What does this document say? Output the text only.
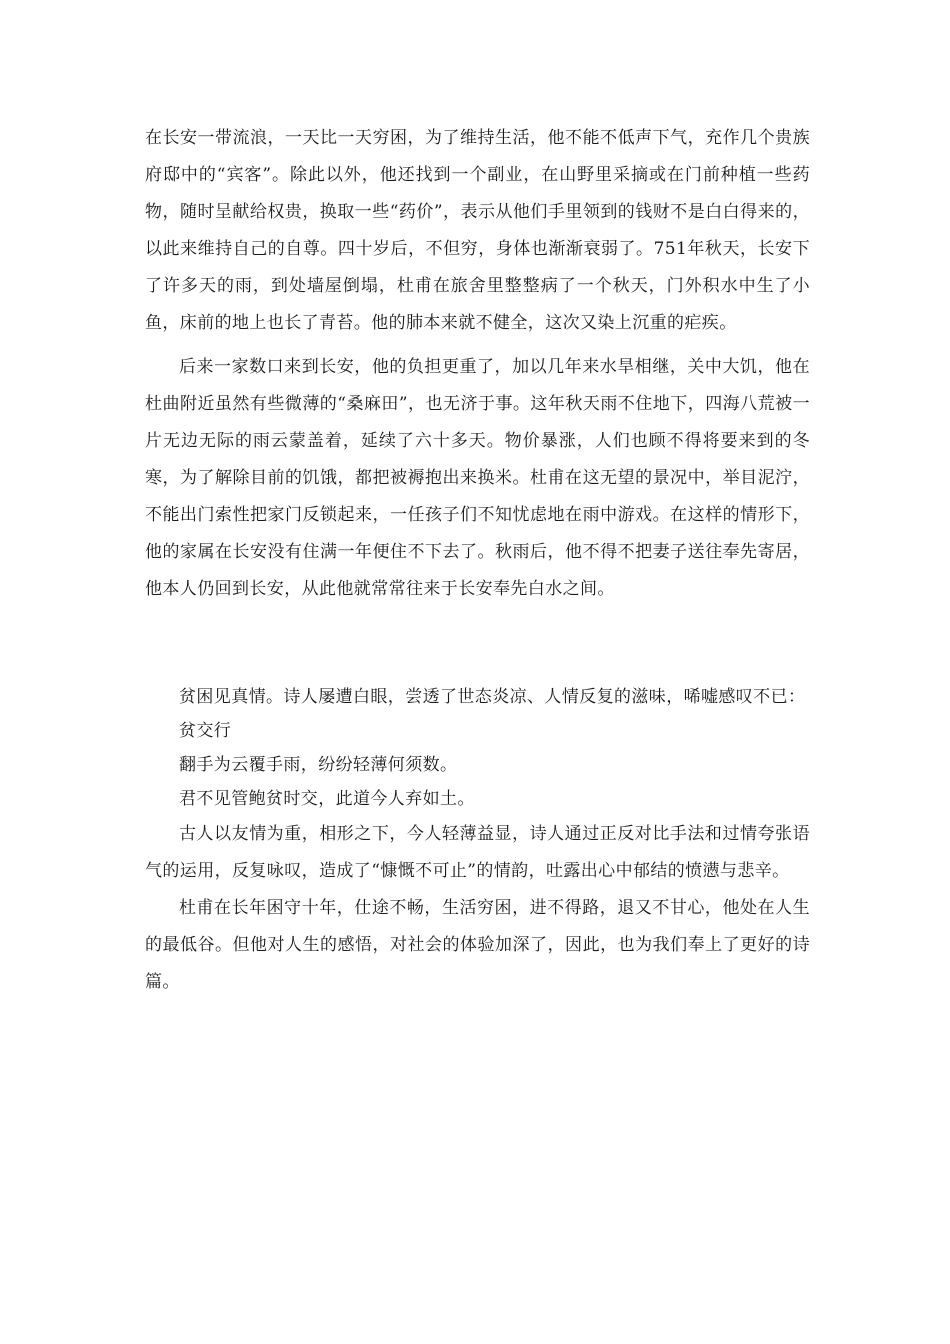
在长安一带流浪，一天比一天穷困，为了维持生活，他不能不低声下气，充作几个贵族府邸中的“宾客”。除此以外，他还找到一个副业，在山野里采摘或在门前种植一些药物，随时呈献给权贵，换取一些“药价”，表示从他们手里领到的钱财不是白白得来的，以此来维持自己的自尊。四十岁后，不但穷，身体也渐渐衰弱了。751年秋天，长安下了许多天的雨，到处墙屋倒塌，杜甫在旅舍里整整病了一个秋天，门外积水中生了小鱼，床前的地上也长了青苔。他的肺本来就不健全，这次又染上沉重的疟疾。

后来一家数口来到长安，他的负担更重了，加以几年来水旱相继，关中大饥，他在杜曲附近虽然有些微薄的“桑麻田”，也无济于事。这年秋天雨不住地下，四海八荒被一片无边无际的雨云蒙盖着，延续了六十多天。物价暴涨，人们也顾不得将要来到的冬寒，为了解除目前的饥饿，都把被褥抱出来换米。杜甫在这无望的景况中，举目泥泞，不能出门索性把家门反锁起来，一任孩子们不知忧虑地在雨中游戏。在这样的情形下，他的家属在长安没有住满一年便住不下去了。秋雨后，他不得不把妻子送往奉先寄居，他本人仍回到长安，从此他就常常往来于长安奉先白水之间。

贫困见真情。诗人屡遭白眼，尝透了世态炎凉、人情反复的滋味，唏嘘感叹不已：

贫交行

翻手为云覆手雨，纷纷轻薄何须数。

君不见管鲍贫时交，此道今人弃如土。

古人以友情为重，相形之下，今人轻薄益显，诗人通过正反对比手法和过情夸张语气的运用，反复咏叹，造成了“慷慨不可止”的情韵，吐露出心中郁结的愤懑与悲辛。

杜甫在长年困守十年，仕途不畅，生活穷困，进不得路，退又不甘心，他处在人生的最低谷。但他对人生的感悟，对社会的体验加深了，因此，也为我们奉上了更好的诗篇。
